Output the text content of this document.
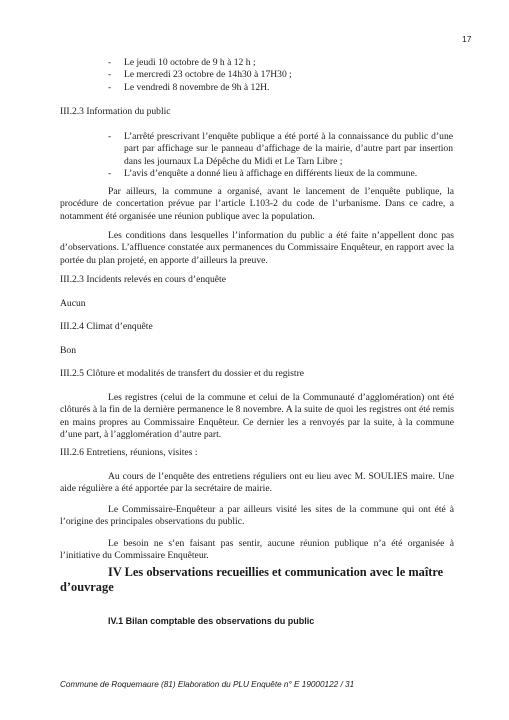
17
- Le jeudi 10 octobre de 9 h à 12 h ;
- Le mercredi 23 octobre de 14h30 à 17H30 ;
- Le vendredi 8 novembre de 9h à 12H.
III.2.3 Information du public
- L’arrêté prescrivant l’enquête publique a été porté à la connaissance du public d’une part par affichage sur le panneau d’affichage de la mairie, d’autre part par insertion dans les journaux La Dépêche du Midi et Le Tarn Libre ;
- L’avis d’enquête a donné lieu à affichage en différents lieux de la commune.

Par ailleurs, la commune a organisé, avant le lancement de l’enquête publique, la procédure de concertation prévue par l’article L103-2 du code de l’urbanisme. Dans ce cadre, a notamment été organisée une réunion publique avec la population.

Les conditions dans lesquelles l’information du public a été faite n’appellent donc pas d’observations. L’affluence constatée aux permanences du Commissaire Enquêteur, en rapport avec la portée du plan projeté, en apporte d’ailleurs la preuve.

III.2.3 Incidents relevés en cours d’enquête
Aucun
III.2.4 Climat d’enquête
Bon
III.2.5 Clôture et modalités de transfert du dossier et du registre

Les registres (celui de la commune et celui de la Communauté d’agglomération) ont été clôturés à la fin de la dernière permanence le 8 novembre. A la suite de quoi les registres ont été remis en mains propres au Commissaire Enquêteur. Ce dernier les a renvoyés par la suite, à la commune d’une part, à l’agglomération d’autre part.

III.2.6 Entretiens, réunions, visites :

Au cours de l’enquête des entretiens réguliers ont eu lieu avec M. SOULIES maire. Une aide régulière a été apportée par la secrétaire de mairie.

Le Commissaire-Enquêteur a par ailleurs visité les sites de la commune qui ont été à l’origine des principales observations du public.

Le besoin ne s’en faisant pas sentir, aucune réunion publique n’a été organisée à l’initiative du Commissaire Enquêteur.

IV Les observations recueillies et communication avec le maître d’ouvrage

IV.1 Bilan comptable des observations du public
Commune de Roquemaure (81) Elaboration du PLU Enquête n° E 19000122 / 31
